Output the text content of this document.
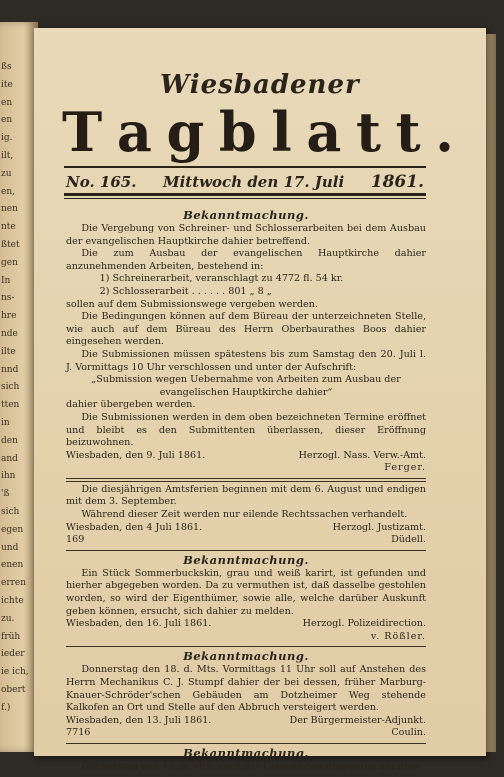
ßs
ite
en
en
ig.
ilt,
zu
en,
nen
nte
ßtet
gen
In
ns-
hre
nde
ilte
nnd
sich
tten
in
den
and
ihn
'ß
sich
egen
und
enen
erren
ichte
zu.
früh
ieder
ie ich,
obert
f.)
Wiesbadener
T a g b l a t t .
No. 165. Mittwoch den 17. Juli 1861.
Bekanntmachung.

Die Vergebung von Schreiner- und Schlosserarbeiten bei dem Ausbau der evangelischen Hauptkirche dahier betreffend.

Die zum Ausbau der evangelischen Hauptkirche dahier anzunehmenden Arbeiten, bestehend in:

1) Schreinerarbeit, veranschlagt zu 4772 fl. 54 kr.

2) Schlosserarbeit . . . . . . 801 „ 8 „

sollen auf dem Submissionswege vergeben werden.

Die Bedingungen können auf dem Büreau der unterzeichneten Stelle, wie auch auf dem Büreau des Herrn Oberbaurathes Boos dahier eingesehen werden.

Die Submissionen müssen spätestens bis zum Samstag den 20. Juli l. J. Vormittags 10 Uhr verschlossen und unter der Aufschrift:

„Submission wegen Uebernahme von Arbeiten zum Ausbau der evangelischen Hauptkirche dahier“

dahier übergeben werden.

Die Submissionen werden in dem oben bezeichneten Termine eröffnet und bleibt es den Submittenten überlassen, dieser Eröffnung beizuwohnen.

Wiesbaden, den 9. Juli 1861.	Herzogl. Nass. Verw.-Amt.

Ferger.

Die diesjährigen Amtsferien beginnen mit dem 6. August und endigen mit dem 3. September.

Während dieser Zeit werden nur eilende Rechtssachen verhandelt.

Wiesbaden, den 4 Juli 1861.	Herzogl. Justizamt.
169	Düdell.
Bekanntmachung.

Ein Stück Sommerbuckskin, grau und weiß karirt, ist gefunden und hierher abgegeben worden. Da zu vermuthen ist, daß dasselbe gestohlen worden, so wird der Eigenthümer, sowie alle, welche darüber Auskunft geben können, ersucht, sich dahier zu melden.

Wiesbaden, den 16. Juli 1861.	Herzogl. Polizeidirection.

v. Rößler.

Bekanntmachung.

Donnerstag den 18. d. Mts. Vormittags 11 Uhr soll auf Anstehen des Herrn Mechanikus C. J. Stumpf dahier der bei dessen, früher Marburg-Knauer-Schröder'schen Gebäuden am Dotzheimer Weg stehende Kalkofen an Ort und Stelle auf den Abbruch versteigert werden.

Wiesbaden, den 13. Juli 1861.	Der Bürgermeister-Adjunkt.
7716	Coulin.
Bekanntmachung.

Donnerstag den 18. d. Mts. nach der Crescenzversteigerung auf dem
